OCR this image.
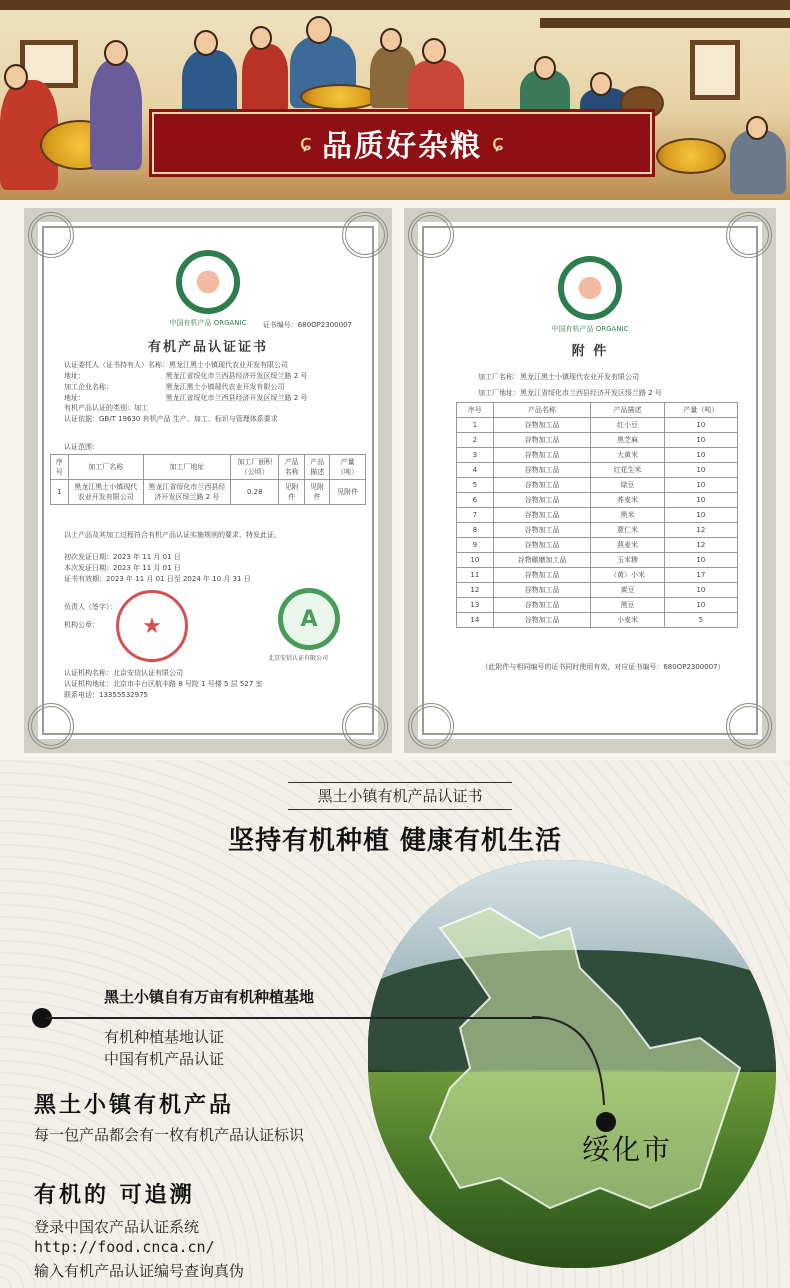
ɕ 品质好杂粮 ɕ
中国有机产品 ORGANIC	证书编号：680OP2300007
有机产品认证证书
认证委托人（证书持有人）名称：黑龙江黑土小镇现代农业开发有限公司
地址：　　　　　　　　　　　　黑龙江省绥化市兰西县经济开发区绥兰路 2 号
加工企业名称：　　　　　　　　黑龙江黑土小镇现代农业开发有限公司
地址：　　　　　　　　　　　　黑龙江省绥化市兰西县经济开发区绥兰路 2 号
有机产品认证的类别：加工
认证依据：GB/T 19630 有机产品 生产、加工、标识与管理体系要求
认证范围：
序号	加工厂名称	加工厂地址	加工厂面积（公顷）	产品名称	产品描述	产量（吨）
1	黑龙江黑土小镇现代农业开发有限公司	黑龙江省绥化市兰西县经济开发区绥兰路 2 号	0.28	见附件	见附件	见附件
以上产品及其加工过程符合有机产品认证实施规则的要求，特发此证。
初次发证日期：2023 年 11 月 01 日
本次发证日期：2023 年 11 月 01 日
证书有效期：2023 年 11 月 01 日至 2024 年 10 月 31 日
负责人（签字）：
机构公章：	★	A
北京安信认证有限公司
认证机构名称：北京安信认证有限公司
认证机构地址：北京市丰台区航丰路 8 号院 1 号楼 5 层 527 室
联系电话：13355532975
中国有机产品 ORGANIC
附 件
加工厂名称：黑龙江黑土小镇现代农业开发有限公司
加工厂地址：黑龙江省绥化市兰西县经济开发区绥兰路 2 号
序号	产品名称	产品描述	产量（吨）
1	谷物加工品	红小豆	10
2	谷物加工品	黑芝麻	10
3	谷物加工品	大黄米	10
4	谷物加工品	红花生米	10
5	谷物加工品	绿豆	10
6	谷物加工品	荞麦米	10
7	谷物加工品	黑米	10
8	谷物加工品	薏仁米	12
9	谷物加工品	燕麦米	12
10	谷物碾磨加工品	玉米糁	10
11	谷物加工品	（黄）小米	17
12	谷物加工品	黄豆	10
13	谷物加工品	黑豆	10
14	谷物加工品	小麦米	5
（此附件与相同编号的证书同时使用有效，对应证书编号：680OP2300007）
黑土小镇有机产品认证书
坚持有机种植 健康有机生活
黑土小镇自有万亩有机种植基地
有机种植基地认证
中国有机产品认证
黑土小镇有机产品
每一包产品都会有一枚有机产品认证标识
有机的 可追溯
登录中国农产品认证系统
http://food.cnca.cn/
输入有机产品认证编号查询真伪
绥化市
